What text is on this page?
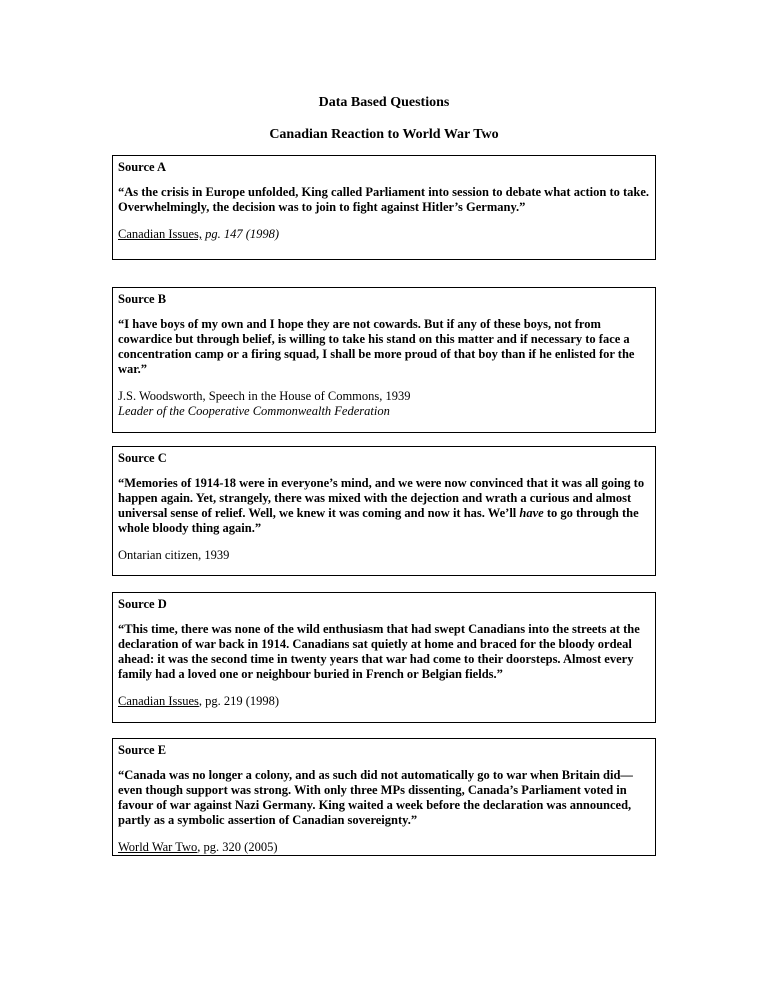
Data Based Questions
Canadian Reaction to World War Two

Source A

“As the crisis in Europe unfolded, King called Parliament into session to debate what action to take. Overwhelmingly, the decision was to join to fight against Hitler’s Germany.”

Canadian Issues, pg. 147 (1998)

Source B

“I have boys of my own and I hope they are not cowards. But if any of these boys, not from cowardice but through belief, is willing to take his stand on this matter and if necessary to face a concentration camp or a firing squad, I shall be more proud of that boy than if he enlisted for the war.”

J.S. Woodsworth, Speech in the House of Commons, 1939
Leader of the Cooperative Commonwealth Federation

Source C

“Memories of 1914-18 were in everyone’s mind, and we were now convinced that it was all going to happen again. Yet, strangely, there was mixed with the dejection and wrath a curious and almost universal sense of relief. Well, we knew it was coming and now it has. We’ll have to go through the whole bloody thing again.”

Ontarian citizen, 1939

Source D

“This time, there was none of the wild enthusiasm that had swept Canadians into the streets at the declaration of war back in 1914. Canadians sat quietly at home and braced for the bloody ordeal ahead: it was the second time in twenty years that war had come to their doorsteps. Almost every family had a loved one or neighbour buried in French or Belgian fields.”

Canadian Issues, pg. 219 (1998)

Source E

“Canada was no longer a colony, and as such did not automatically go to war when Britain did—even though support was strong. With only three MPs dissenting, Canada’s Parliament voted in favour of war against Nazi Germany. King waited a week before the declaration was announced, partly as a symbolic assertion of Canadian sovereignty.”

World War Two, pg. 320 (2005)
